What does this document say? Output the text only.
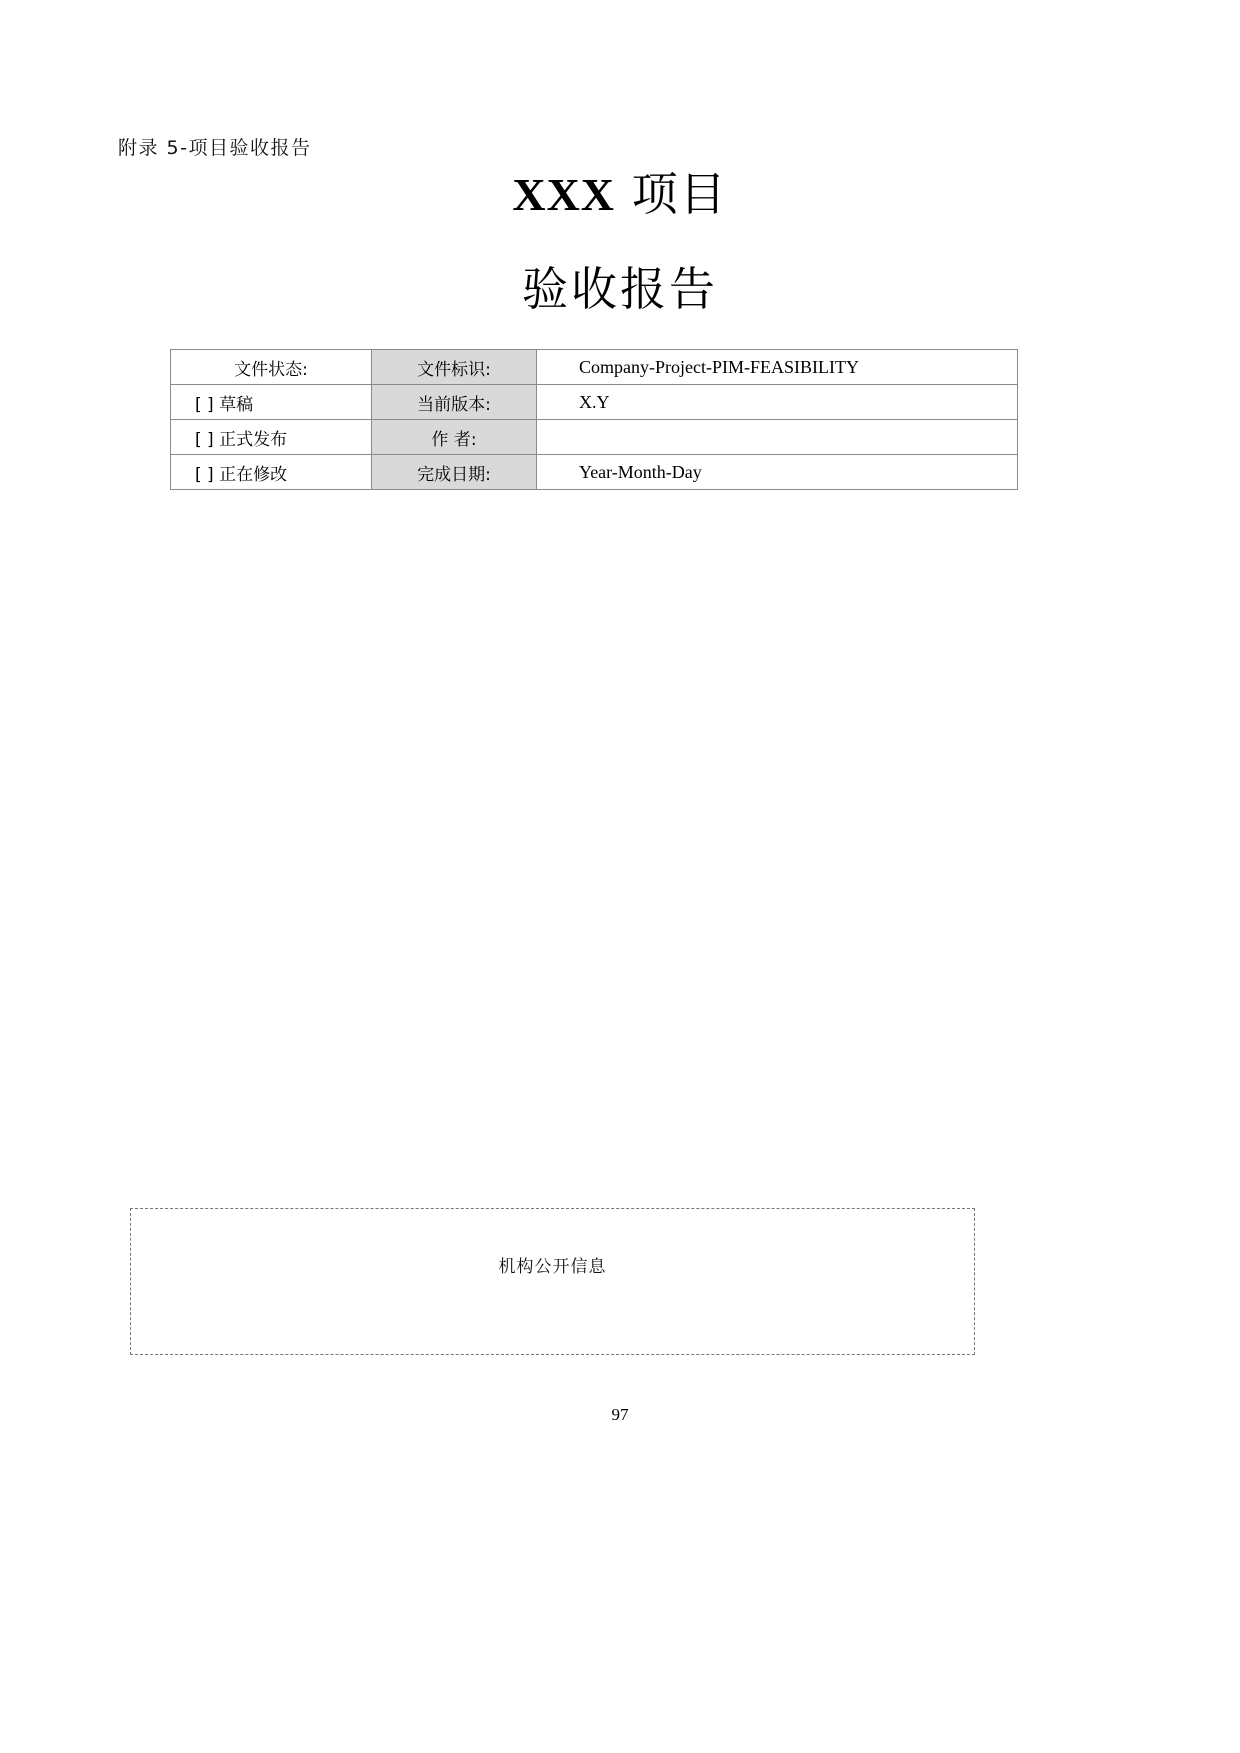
附录 5-项目验收报告
XXX 项目
验收报告
文件状态:	文件标识:	Company-Project-PIM-FEASIBILITY
[ ] 草稿	当前版本:	X.Y
[ ] 正式发布	作 者:	
[ ] 正在修改	完成日期:	Year-Month-Day
机构公开信息
97
